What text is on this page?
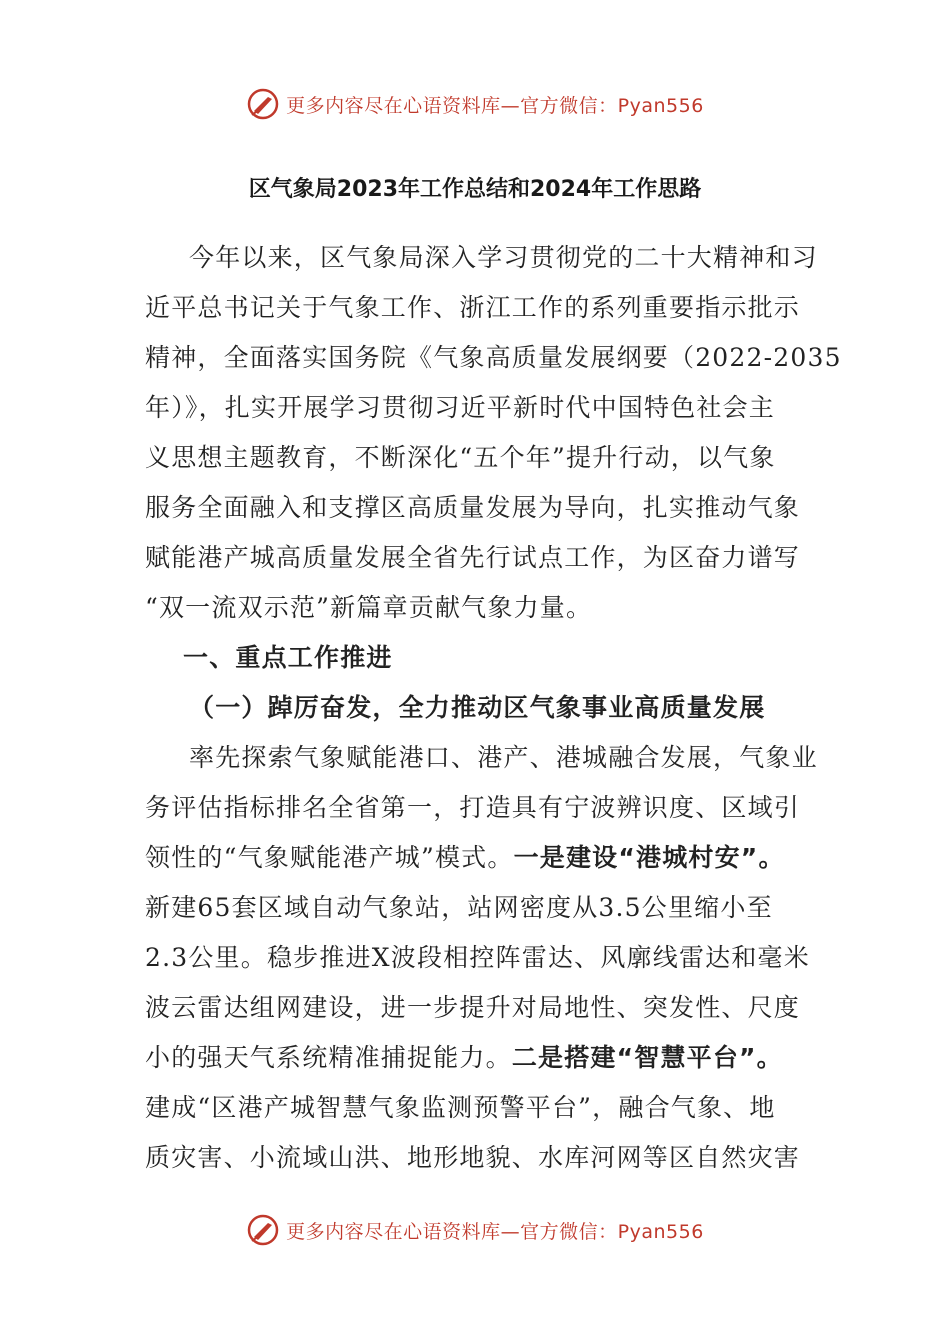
更多内容尽在心语资料库—官方微信：Pyan556
区气象局2023年工作总结和2024年工作思路
今年以来，区气象局深入学习贯彻党的二十大精神和习
近平总书记关于气象工作、浙江工作的系列重要指示批示
精神，全面落实国务院《气象高质量发展纲要（2022-2035
年）》，扎实开展学习贯彻习近平新时代中国特色社会主
义思想主题教育，不断深化“五个年”提升行动，以气象
服务全面融入和支撑区高质量发展为导向，扎实推动气象
赋能港产城高质量发展全省先行试点工作，为区奋力谱写
“双一流双示范”新篇章贡献气象力量。
一、重点工作推进
（一）踔厉奋发，全力推动区气象事业高质量发展
率先探索气象赋能港口、港产、港城融合发展，气象业
务评估指标排名全省第一，打造具有宁波辨识度、区域引
领性的“气象赋能港产城”模式。一是建设“港城村安”。
新建65套区域自动气象站，站网密度从3.5公里缩小至
2.3公里。稳步推进X波段相控阵雷达、风廓线雷达和毫米
波云雷达组网建设，进一步提升对局地性、突发性、尺度
小的强天气系统精准捕捉能力。二是搭建“智慧平台”。
建成“区港产城智慧气象监测预警平台”，融合气象、地
质灾害、小流域山洪、地形地貌、水库河网等区自然灾害
更多内容尽在心语资料库—官方微信：Pyan556
